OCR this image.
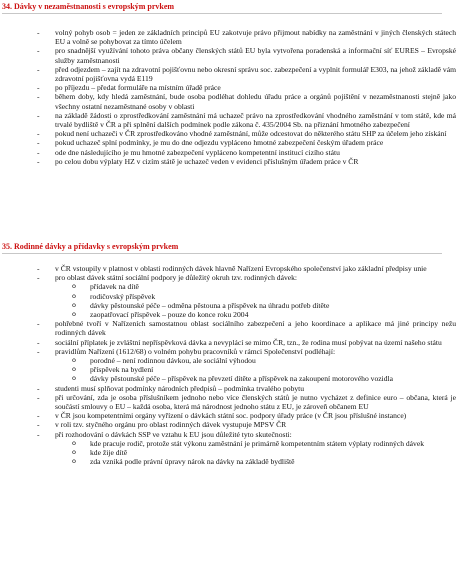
34. Dávky v nezaměstnanosti s evropským prvkem
- volný pohyb osob = jeden ze základních principů EU zakotvuje právo přijmout nabídky na zaměstnání v jiných členských státech EU a volně se pohybovat za tímto účelem
- pro snadnější využívání tohoto práva občany členských států EU byla vytvořena poradenská a informační síť EURES – Evropské služby zaměstnanosti
- před odjezdem – zajít na zdravotní pojišťovnu nebo okresní správu soc. zabezpečení a vyplnit formulář E303, na jehož základě vám zdravotní pojišťovna vydá E119
- po příjezdu – předat formuláře na místním úřadě práce
- během doby, kdy hledá zaměstnání, bude osoba podléhat dohledu úřadu práce a orgánů pojištění v nezaměstnanosti stejně jako všechny ostatní nezaměstnané osoby v oblasti
- na základě žádosti o zprostředkování zaměstnání má uchazeč právo na zprostředkování vhodného zaměstnání v tom státě, kde má trvalé bydliště v ČR a při splnění dalších podmínek podle zákona č. 435/2004 Sb. na přiznání hmotného zabezpečení
- pokud není uchazeči v ČR zprostředkováno vhodné zaměstnání, může odcestovat do některého státu SHP za účelem jeho získání
- pokud uchazeč splní podmínky, je mu do dne odjezdu vypláceno hmotné zabezpečení českým úřadem práce
- ode dne následujícího je mu hmotné zabezpečení vypláceno kompetentní institucí cizího státu
- po celou dobu výplaty HZ v cizím státě je uchazeč veden v evidenci příslušným úřadem práce v ČR
35. Rodinné dávky a přídavky s evropským prvkem
- v ČR vstoupily v platnost v oblasti rodinných dávek hlavně Nařízení Evropského společenství jako základní předpisy unie
- pro oblast dávek státní sociální podpory je důležitý okruh tzv. rodinných dávek:
o přídavek na dítě
o rodičovský příspěvek
o dávky pěstounské péče – odměna pěstouna a příspěvek na úhradu potřeb dítěte
o zaopatřovací příspěvek – pouze do konce roku 2004
- pohřebné tvoří v Nařízeních samostatnou oblast sociálního zabezpečení a jeho koordinace a aplikace má jiné principy nežu rodinných dávek
- sociální příplatek je zvláštní nepříspěvková dávka a nevyplácí se mimo ČR, tzn., že rodina musí pobývat na území našeho státu
- pravidlům Nařízení (1612/68) o volném pohybu pracovníků v rámci Společenství podléhají:
o porodné – není rodinnou dávkou, ale sociální výhodou
o příspěvek na bydlení
o dávky pěstounské péče – příspěvek na převzetí dítěte a příspěvek na zakoupení motorového vozidla
- studenti musí splňovat podmínky národních předpisů – podmínka trvalého pobytu
- při určování, zda je osoba příslušníkem jednoho nebo více členských států je nutno vycházet z definice euro – občana, která je součástí smlouvy o EU – každá osoba, která má národnost jednoho státu z EU, je zároveň občanem EU
- v ČR jsou kompetentními orgány vyřízení o dávkách státní soc. podpory úřady práce (v ČR jsou příslušné instance)
- v roli tzv. styčného orgánu pro oblast rodinných dávek vystupuje MPSV ČR
- při rozhodování o dávkách SSP ve vztahu k EU jsou důležité tyto skutečnosti:
o kde pracuje rodič, protože stát výkonu zaměstnání je primárně kompetentním státem výplaty rodinných dávek
o kde žije dítě
o zda vzniká podle právní úpravy nárok na dávky na základě bydliště
